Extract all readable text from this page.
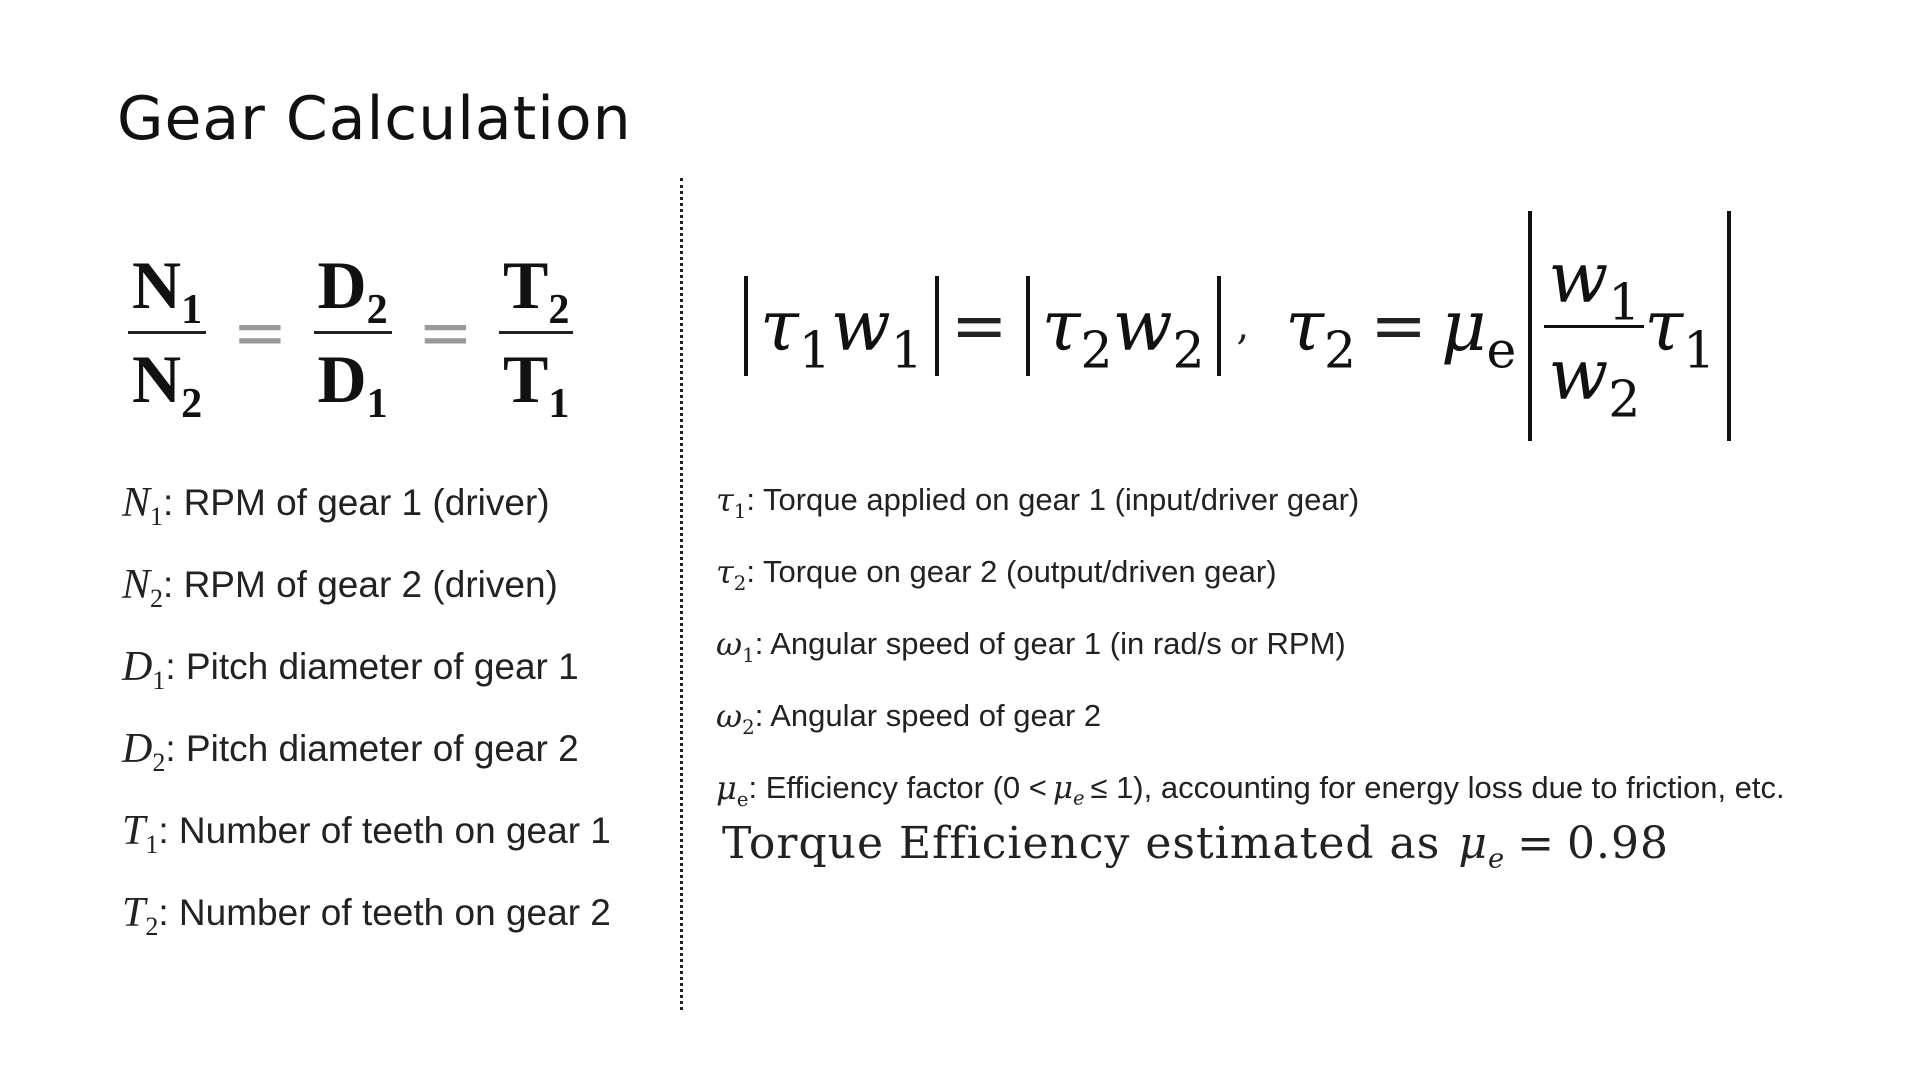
Gear Calculation
$\frac{N_1}{N_2} = \frac{D_2}{D_1} = \frac{T_2}{T_1}$
$N_1$ : RPM of gear 1 (driver)
$N_2$ : RPM of gear 2 (driven)
$D_1$ : Pitch diameter of gear 1
$D_2$ : Pitch diameter of gear 2
$T_1$ : Number of teeth on gear 1
$T_2$ : Number of teeth on gear 2
$\tau_1$ $w_1 = \tau_2$ $w_2$ , $\tau_2 = \mu_e \frac{w_1}{w_2} \tau_1$
$\tau_1$ : Torque applied on gear 1 (input/driver gear)
$\tau_2$ : Torque on gear 2 (output/driven gear)
$\omega_1$ : Angular speed of gear 1 (in rad/s or RPM)
$\omega_2$ : Angular speed of gear 2
$\mu_e$ : Efficiency factor $(0 < \mu_e \le 1)$, accounting for energy loss due to friction, etc.
Torque Efficiency estimated as $\mu_e = 0.98$
